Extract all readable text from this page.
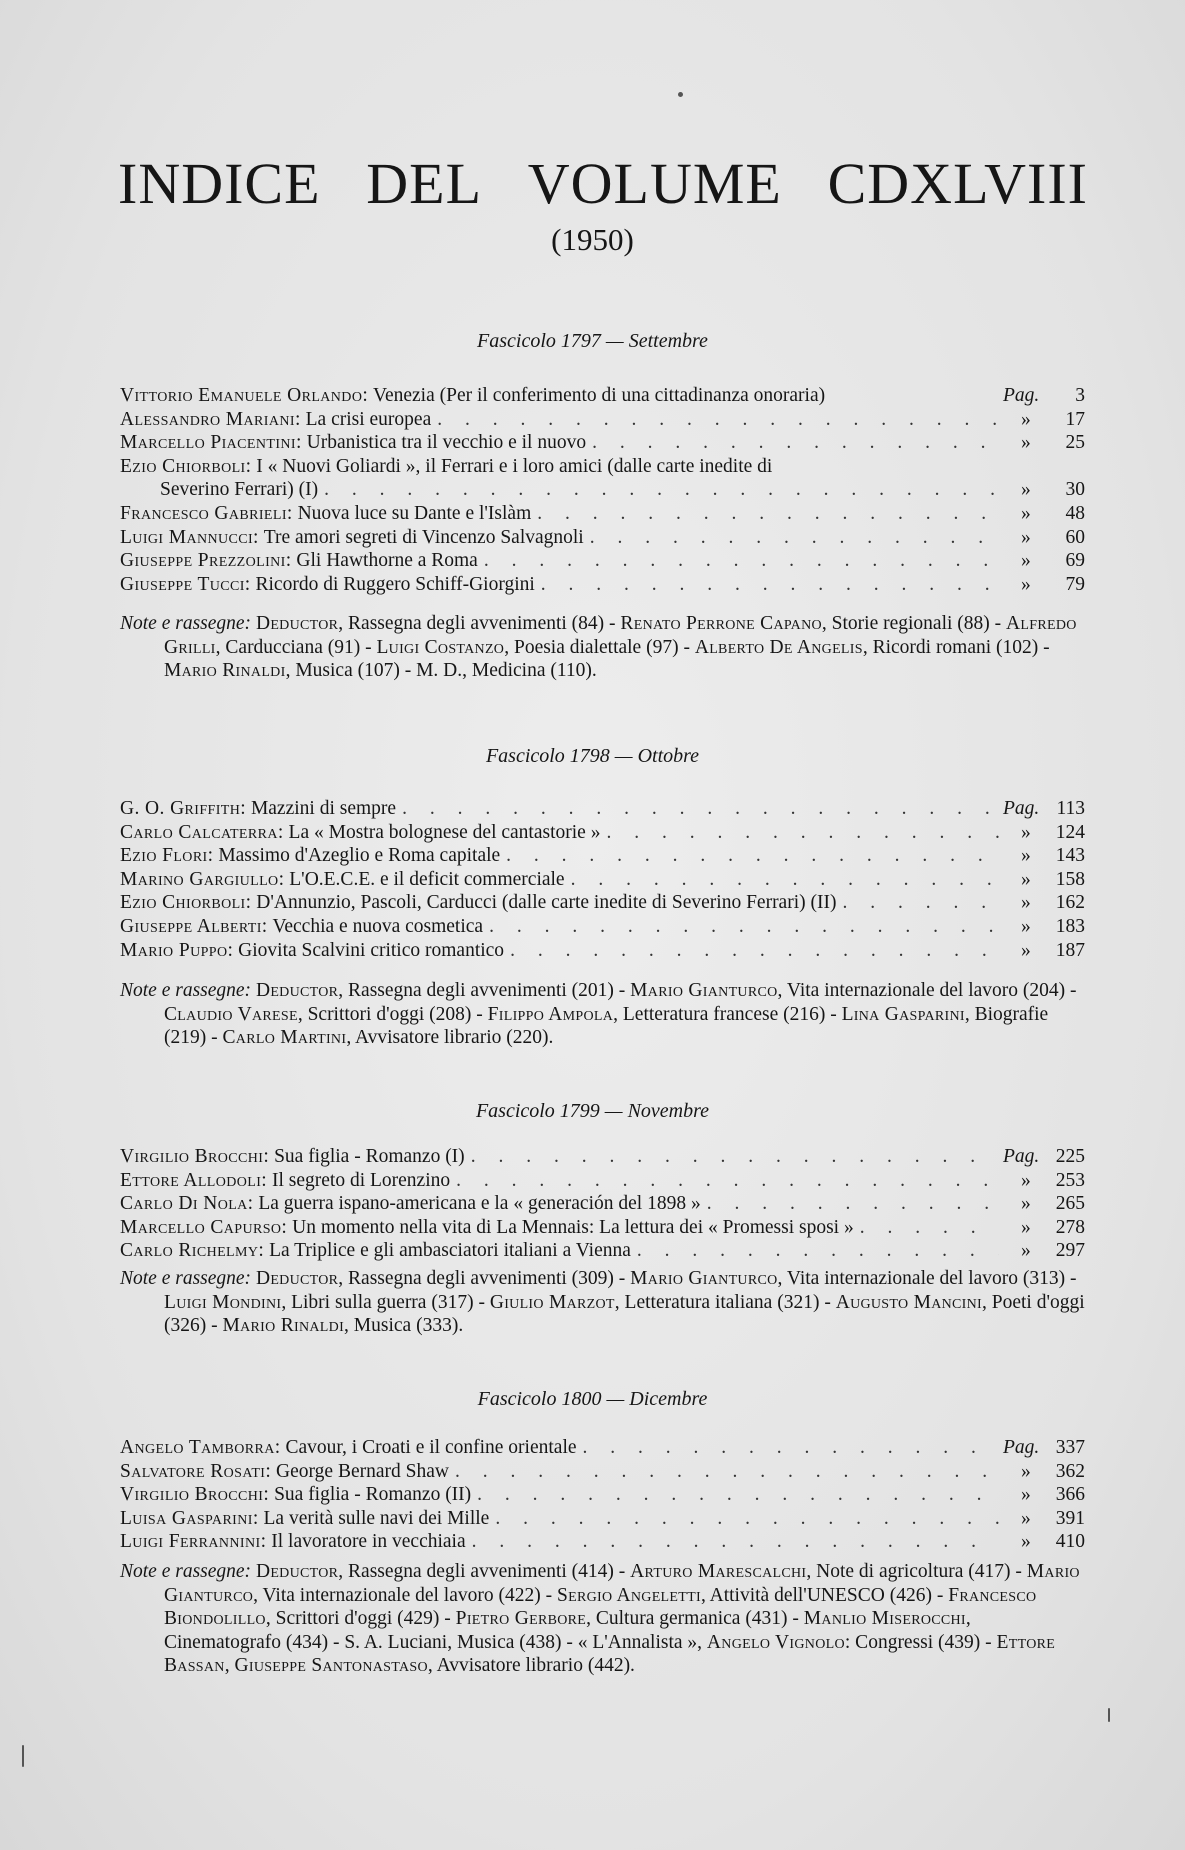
INDICE DEL VOLUME CDXLVIII
(1950)
Fascicolo 1797 — Settembre
Vittorio Emanuele Orlando:
Venezia (Per il conferimento di una cittadinanza onoraria)	Pag.	3
Alessandro Mariani:
La crisi europea . . .	»	17
Marcello Piacentini:
Urbanistica tra il vecchio e il nuovo . . .	»	25
Ezio Chiorboli: I « Nuovi Goliardi », il Ferrari e i loro amici (dalle carte inedite di
Severino Ferrari) (I) . . .	»	30
Francesco Gabrieli:
Nuova luce su Dante e l'Islàm . . .	»	48
Luigi Mannucci:
Tre amori segreti di Vincenzo Salvagnoli . . .	»	60
Giuseppe Prezzolini:
Gli Hawthorne a Roma . . .	»	69
Giuseppe Tucci:
Ricordo di Ruggero Schiff-Giorgini . . .	»	79
Note e rassegne: Deductor, Rassegna degli avvenimenti (84) - Renato Perrone Capano, Storie regionali (88) - Alfredo Grilli, Carducciana (91) - Luigi Costanzo, Poesia dialettale (97) - Alberto De Angelis, Ricordi romani (102) - Mario Rinaldi, Musica (107) - M. D., Medicina (110).
Fascicolo 1798 — Ottobre
G. O. Griffith:
Mazzini di sempre . . .	Pag. 113
Carlo Calcaterra:
La « Mostra bolognese del cantastorie » . . .	»	124
Ezio Flori:
Massimo d'Azeglio e Roma capitale . . .	»	143
Marino Gargiullo:
L'O.E.C.E. e il deficit commerciale . . .	»	158
Ezio Chiorboli:
D'Annunzio, Pascoli, Carducci (dalle carte inedite di Severino Ferrari) (II) . . .	»	162
Giuseppe Alberti:
Vecchia e nuova cosmetica . . .	»	183
Mario Puppo:
Giovita Scalvini critico romantico . . .	»	187
Note e rassegne: Deductor, Rassegna degli avvenimenti (201) - Mario Gianturco, Vita internazionale del lavoro (204) - Claudio Varese, Scrittori d'oggi (208) - Filippo Ampola, Letteratura francese (216) - Lina Gasparini, Biografie (219) - Carlo Martini, Avvisatore librario (220).
Fascicolo 1799 — Novembre
Virgilio Brocchi:
Sua figlia - Romanzo (I) . . .	Pag. 225
Ettore Allodoli:
Il segreto di Lorenzino . . .	»	253
Carlo Di Nola:
La guerra ispano-americana e la « generación del 1898 » . . .	»	265
Marcello Capurso:
Un momento nella vita di La Mennais: La lettura dei « Promessi sposi » . . .	»	278
Carlo Richelmy:
La Triplice e gli ambasciatori italiani a Vienna . . .	»	297
Note e rassegne: Deductor, Rassegna degli avvenimenti (309) - Mario Gianturco, Vita internazionale del lavoro (313) - Luigi Mondini, Libri sulla guerra (317) - Giulio Marzot, Letteratura italiana (321) - Augusto Mancini, Poeti d'oggi (326) - Mario Rinaldi, Musica (333).
Fascicolo 1800 — Dicembre
Angelo Tamborra:
Cavour, i Croati e il confine orientale . . .	Pag. 337
Salvatore Rosati:
George Bernard Shaw . . .	»	362
Virgilio Brocchi:
Sua figlia - Romanzo (II) . . .	»	366
Luisa Gasparini:
La verità sulle navi dei Mille . . .	»	391
Luigi Ferrannini:
Il lavoratore in vecchiaia . . .	»	410
Note e rassegne: Deductor, Rassegna degli avvenimenti (414) - Arturo Marescalchi, Note di agricoltura (417) - Mario Gianturco, Vita internazionale del lavoro (422) - Sergio Angeletti, Attività dell'UNESCO (426) - Francesco Biondolillo, Scrittori d'oggi (429) - Pietro Gerbore, Cultura germanica (431) - Manlio Miserocchi, Cinematografo (434) - S. A. Luciani, Musica (438) - « L'Annalista », Angelo Vignolo: Congressi (439) - Ettore Bassan, Giuseppe Santonastaso, Avvisatore librario (442).
